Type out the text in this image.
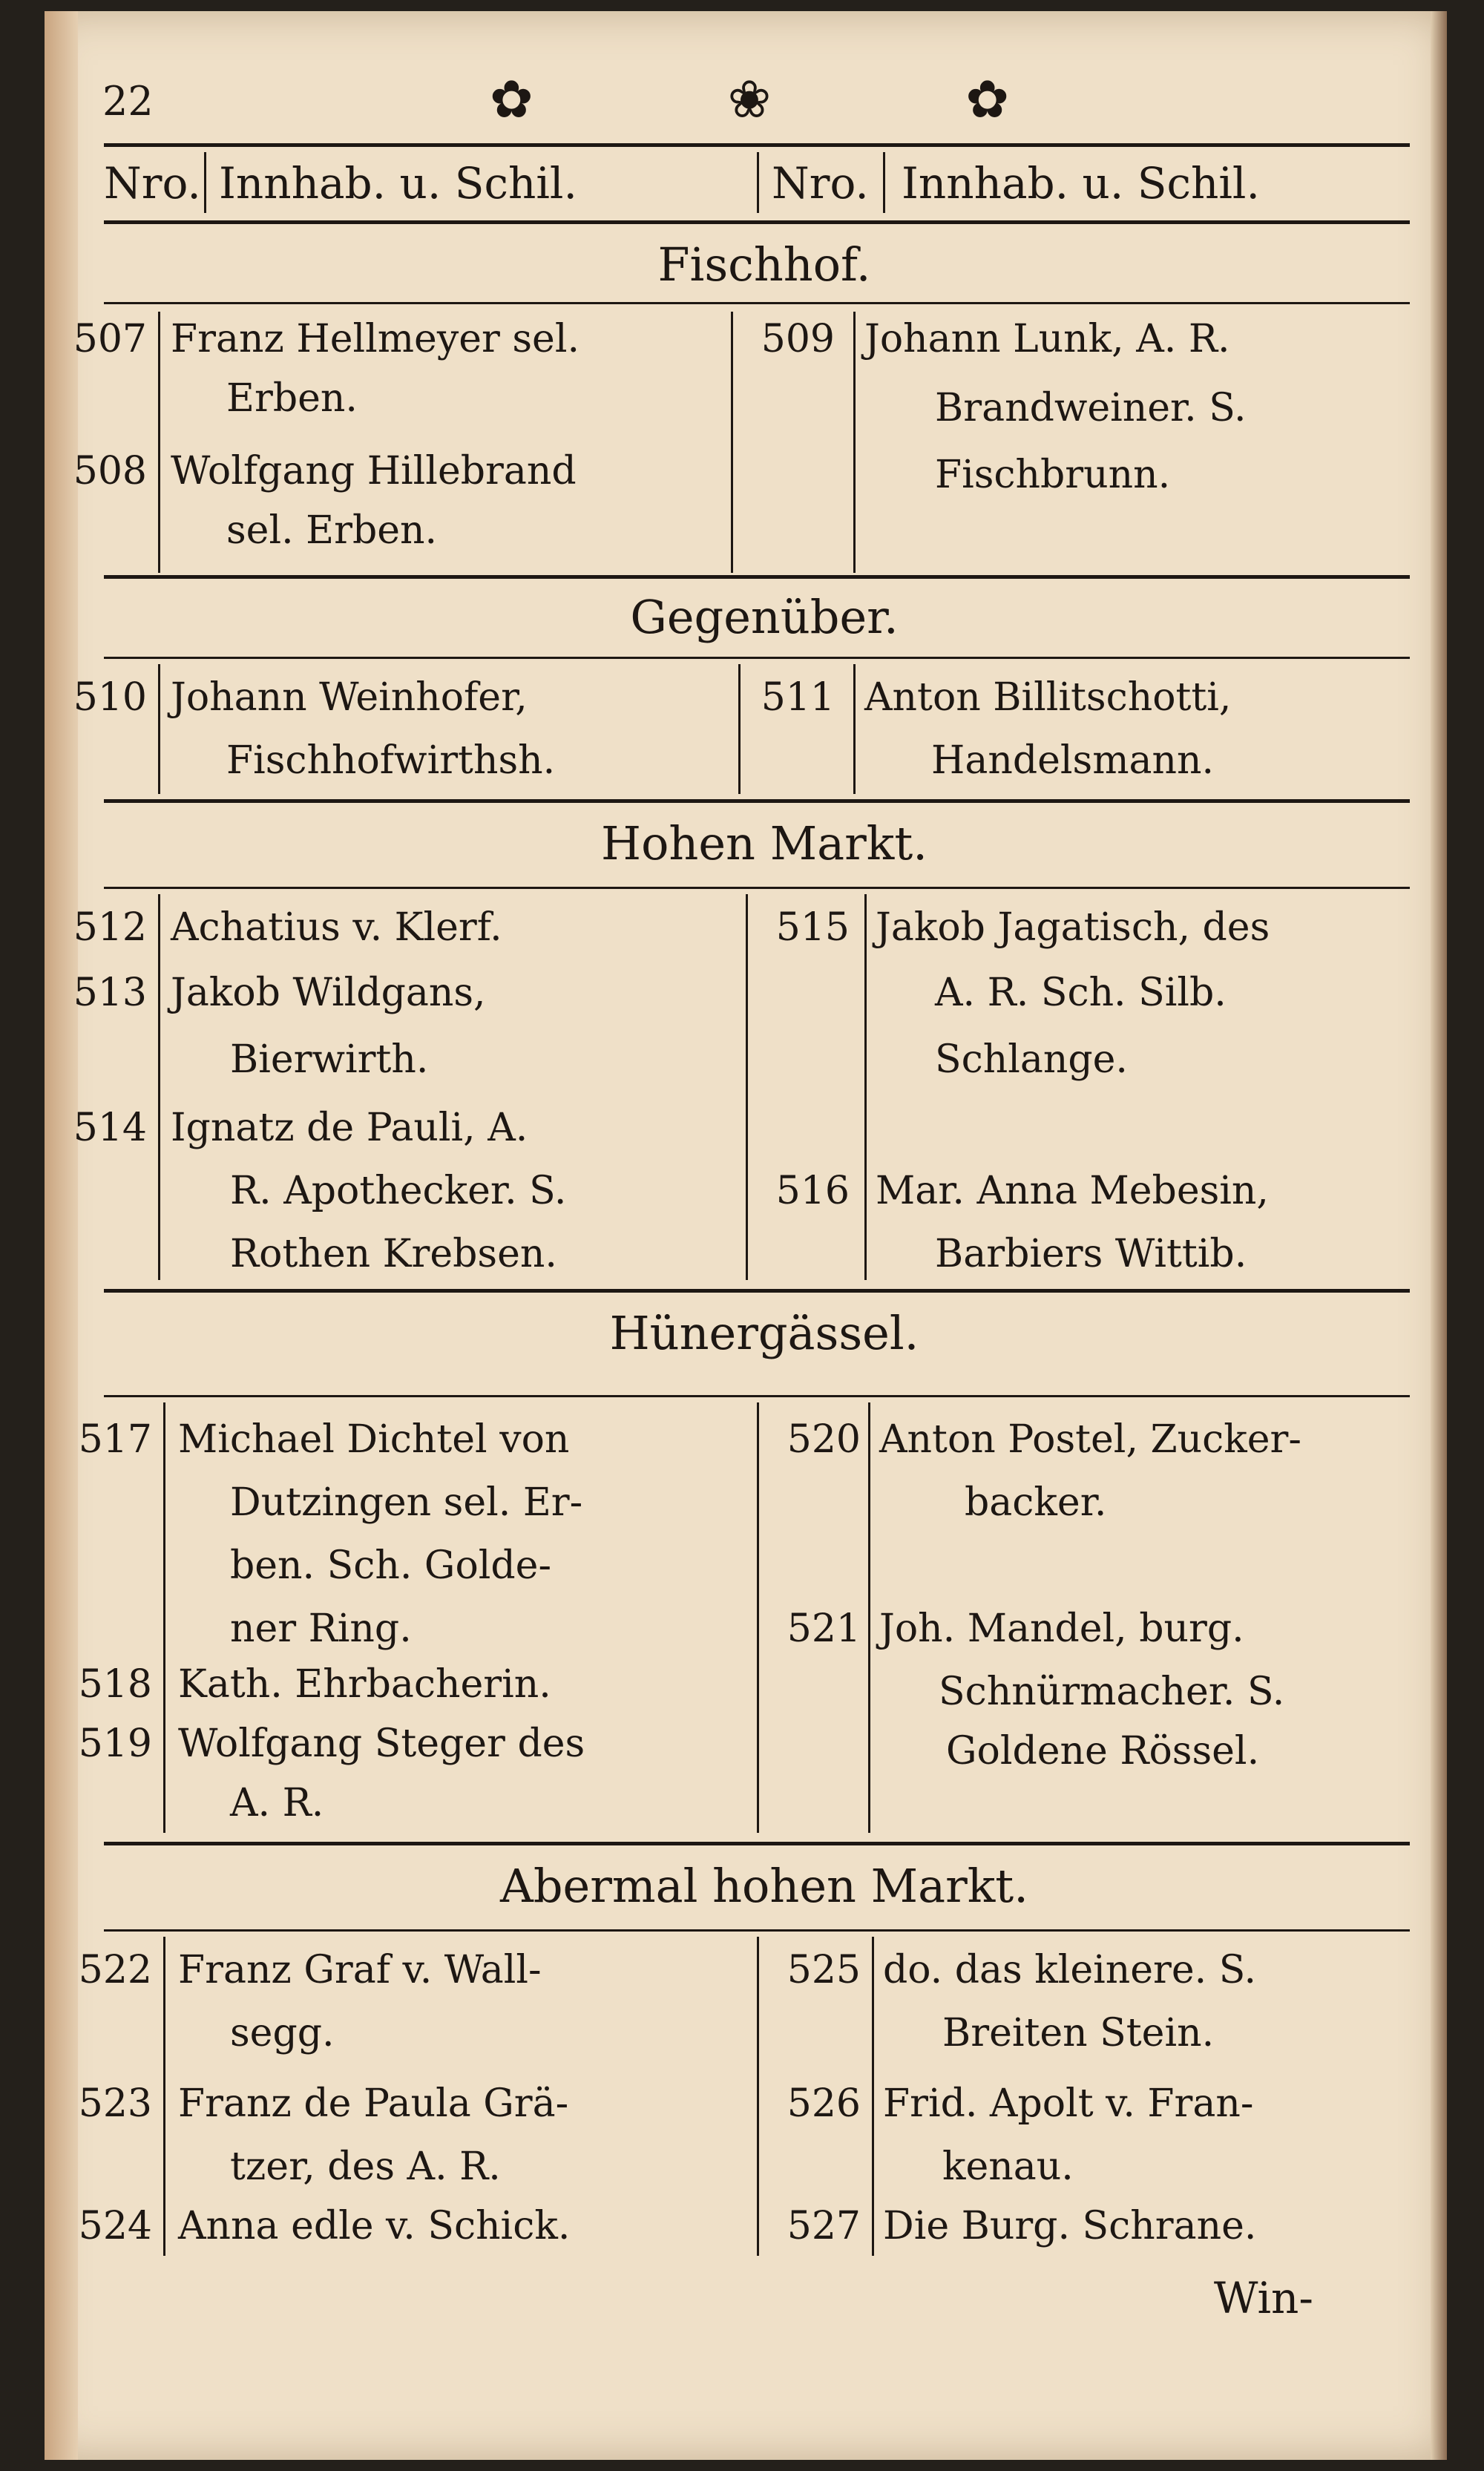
22	✿	❀	✿
Nro. Innhab. u. Schil.	Nro. Innhab. u. Schil.
Fischhof.
507 Franz Hellmeyer sel.
Erben.
508 Wolfgang Hillebrand
sel. Erben.
509 Johann Lunk, A. R.
Brandweiner. S.
Fischbrunn.
Gegenüber.
510 Johann Weinhofer,
Fischhofwirthsh.
511 Anton Billitschotti,
Handelsmann.
Hohen Markt.
512 Achatius v. Klerf.
513 Jakob Wildgans,
Bierwirth.
514 Ignatz de Pauli, A.
R. Apothecker. S.
Rothen Krebsen.
515 Jakob Jagatisch, des
A. R. Sch. Silb.
Schlange.
516 Mar. Anna Mebesin,
Barbiers Wittib.
Hünergässel.
517 Michael Dichtel von
Dutzingen sel. Er-
ben. Sch. Golde-
ner Ring.
518 Kath. Ehrbacherin.
519 Wolfgang Steger des
A. R.
520 Anton Postel, Zucker-
backer.
521 Joh. Mandel, burg.
Schnürmacher. S.
Goldene Rössel.
Abermal hohen Markt.
522 Franz Graf v. Wall-
segg.
523 Franz de Paula Grä-
tzer, des A. R.
524 Anna edle v. Schick.
525 do. das kleinere. S.
Breiten Stein.
526 Frid. Apolt v. Fran-
kenau.
527 Die Burg. Schrane.
Win-
